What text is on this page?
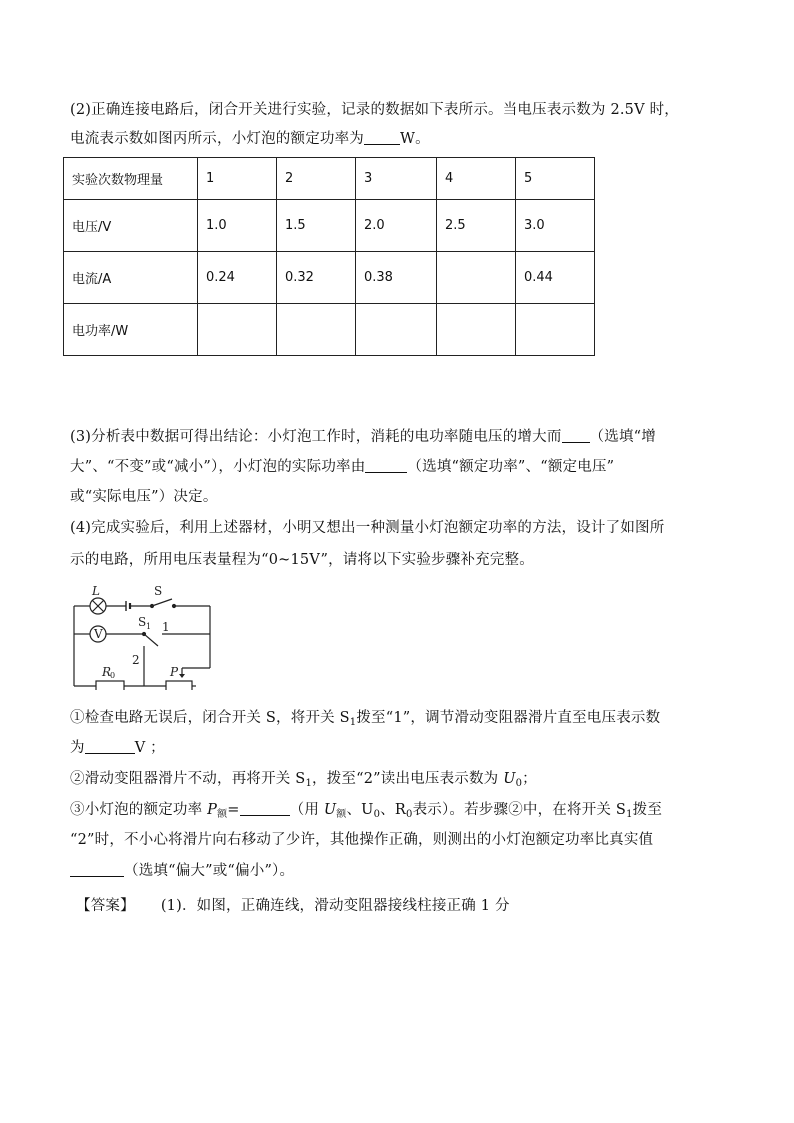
(2)正确连接电路后，闭合开关进行实验，记录的数据如下表所示。当电压表示数为 2.5V 时，
电流表示数如图丙所示，小灯泡的额定功率为 W。
实验次数物理量	1	2	3	4	5
电压/V	1.0	1.5	2.0	2.5	3.0
电流/A	0.24	0.32	0.38		0.44
电功率/W					
(3)分析表中数据可得出结论：小灯泡工作时，消耗的电功率随电压的增大而 （选填“增
大”、“不变”或“减小”），小灯泡的实际功率由	（选填“额定功率”、“额定电压”
或“实际电压”）决定。
(4)完成实验后，利用上述器材，小明又想出一种测量小灯泡额定功率的方法，设计了如图所
示的电路，所用电压表量程为“0~15V”，请将以下实验步骤补充完整。
L	S
V
S 1 1
2
R
0	P
①检查电路无误后，闭合开关 S，将开关 $S_1$拨至“1”，调节滑动变阻器滑片直至电压表示数
为	V ；
②滑动变阻器滑片不动，再将开关 $S_1$，拨至“2”读出电压表示数为 $U_0$；
③小灯泡的额定功率 $P_额=$	（用 $U_额$、$U_0$、$R_0$表示）。若步骤②中，在将开关 $S_1$拨至
“2”时，不小心将滑片向右移动了少许，其他操作正确，则测出的小灯泡额定功率比真实值
（选填“偏大”或“偏小”）。
【答案】 (1)．如图，正确连线，滑动变阻器接线柱接正确 1 分
